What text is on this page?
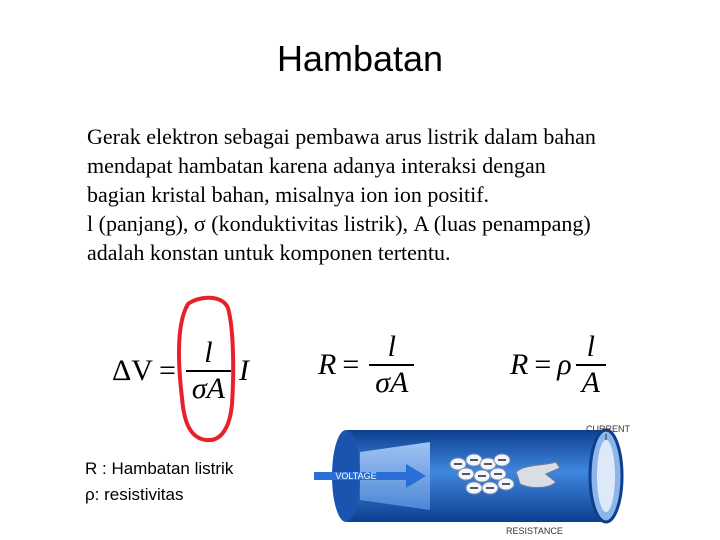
Hambatan
Gerak elektron sebagai pembawa arus listrik dalam bahan
mendapat hambatan karena adanya interaksi dengan
bagian kristal bahan, misalnya ion ion positif.
l (panjang), σ (konduktivitas listrik), A (luas penampang)
adalah konstan untuk komponen tertentu.
$\Delta V = \frac{l}{\sigma A}$ I $R = \frac{l}{\sigma A}$	R = ρ $\frac{l}{A}$
R : Hambatan listrik
ρ: resistivitas
VOLTAGE
CURRENT
RESISTANCE
